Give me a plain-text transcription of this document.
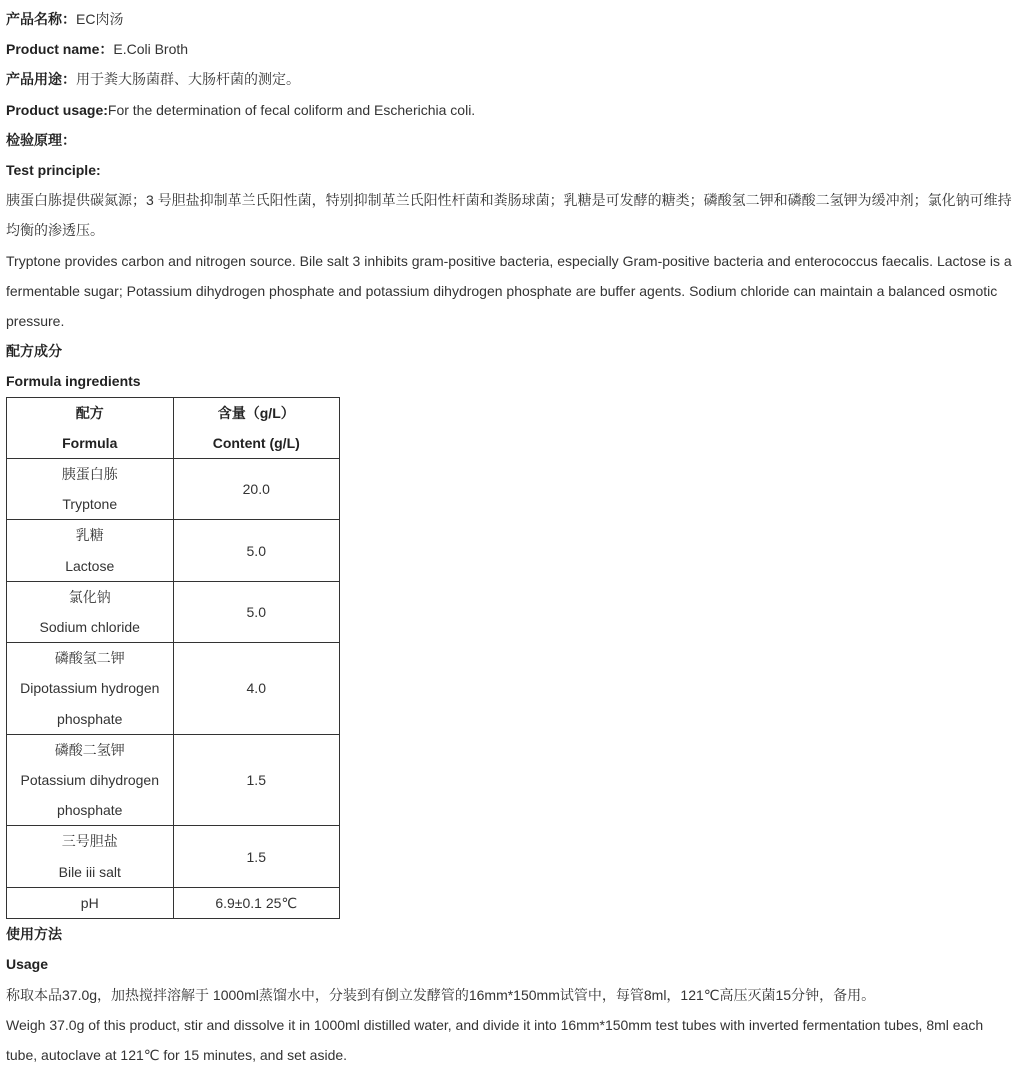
产品名称：EC肉汤

Product name：E.Coli Broth

产品用途：用于粪大肠菌群、大肠杆菌的测定。

Product usage:For the determination of fecal coliform and Escherichia coli.

检验原理：

Test principle:

胰蛋白胨提供碳氮源；3 号胆盐抑制革兰氏阳性菌，特别抑制革兰氏阳性杆菌和粪肠球菌；乳糖是可发酵的糖类；磷酸氢二钾和磷酸二氢钾为缓冲剂；氯化钠可维持均衡的渗透压。

Tryptone provides carbon and nitrogen source. Bile salt 3 inhibits gram-positive bacteria, especially Gram-positive bacteria and enterococcus faecalis. Lactose is a fermentable sugar; Potassium dihydrogen phosphate and potassium dihydrogen phosphate are buffer agents. Sodium chloride can maintain a balanced osmotic pressure.

配方成分

Formula ingredients

配方
Formula	含量（g/L）
Content (g/L)

胰蛋白胨
Tryptone	20.0

乳糖
Lactose	5.0

氯化钠
Sodium chloride	5.0

磷酸氢二钾
Dipotassium hydrogen phosphate	4.0

磷酸二氢钾
Potassium dihydrogen phosphate	1.5

三号胆盐
Bile iii salt	1.5

pH	6.9±0.1 25℃

使用方法

Usage

称取本品37.0g，加热搅拌溶解于 1000ml蒸馏水中，分装到有倒立发酵管的16mm*150mm试管中，每管8ml，121℃高压灭菌15分钟，备用。

Weigh 37.0g of this product, stir and dissolve it in 1000ml distilled water, and divide it into 16mm*150mm test tubes with inverted fermentation tubes, 8ml each tube, autoclave at 121℃ for 15 minutes, and set aside.
